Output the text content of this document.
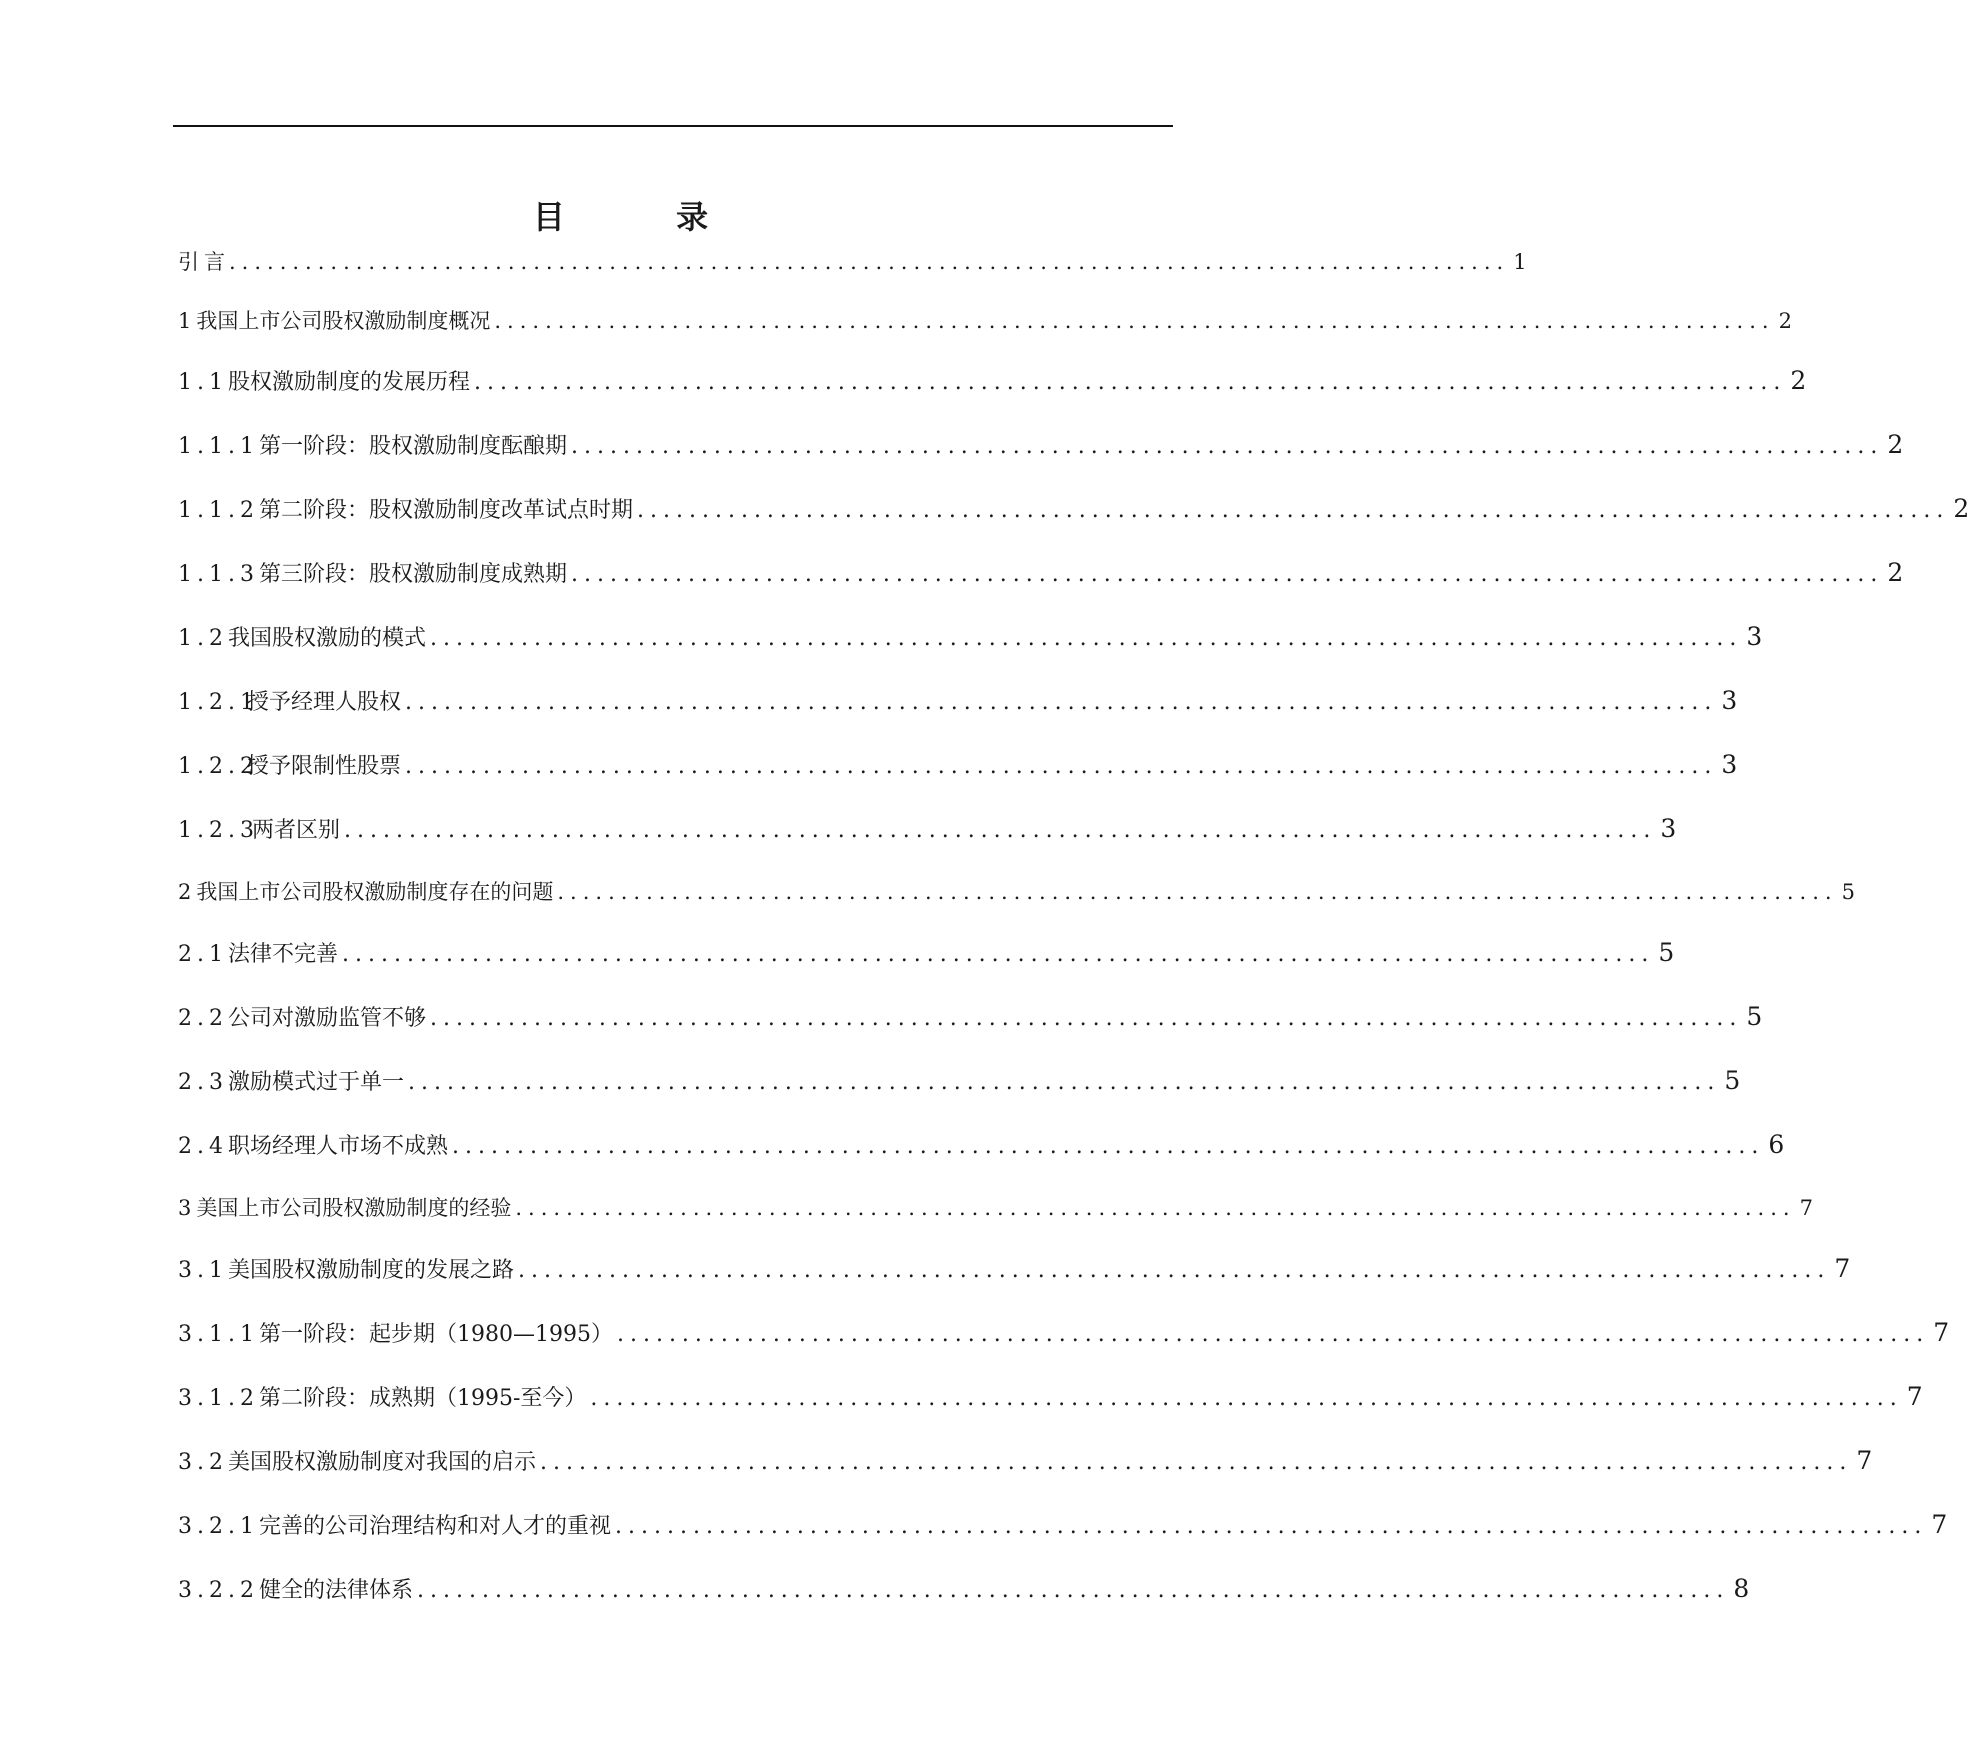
目 录
引 言 ..................................................................................................... 1
1 我国上市公司股权激励制度概况 ..................................................................................................... 2
1.1 股权激励制度的发展历程 ..................................................................................................... 2
1.1.1 第一阶段：股权激励制度酝酿期 ..................................................................................................... 2
1.1.2 第二阶段：股权激励制度改革试点时期 ..................................................................................................... 2
1.1.3 第三阶段：股权激励制度成熟期 ..................................................................................................... 2
1.2 我国股权激励的模式 ..................................................................................................... 3
1.2.1
授予经理人股权 ..................................................................................................... 3
1.2.2
授予限制性股票 ..................................................................................................... 3
1.2.3
两者区别 ..................................................................................................... 3
2 我国上市公司股权激励制度存在的问题 ..................................................................................................... 5
2.1 法律不完善 ..................................................................................................... 5
2.2 公司对激励监管不够 ..................................................................................................... 5
2.3 激励模式过于单一 ..................................................................................................... 5
2.4 职场经理人市场不成熟 ..................................................................................................... 6
3 美国上市公司股权激励制度的经验 ..................................................................................................... 7
3.1 美国股权激励制度的发展之路 ..................................................................................................... 7
3.1.1 第一阶段：起步期（1980—1995） ..................................................................................................... 7
3.1.2 第二阶段：成熟期（1995-至今） ..................................................................................................... 7
3.2 美国股权激励制度对我国的启示 ..................................................................................................... 7
3.2.1 完善的公司治理结构和对人才的重视 ..................................................................................................... 7
3.2.2 健全的法律体系 ..................................................................................................... 8
